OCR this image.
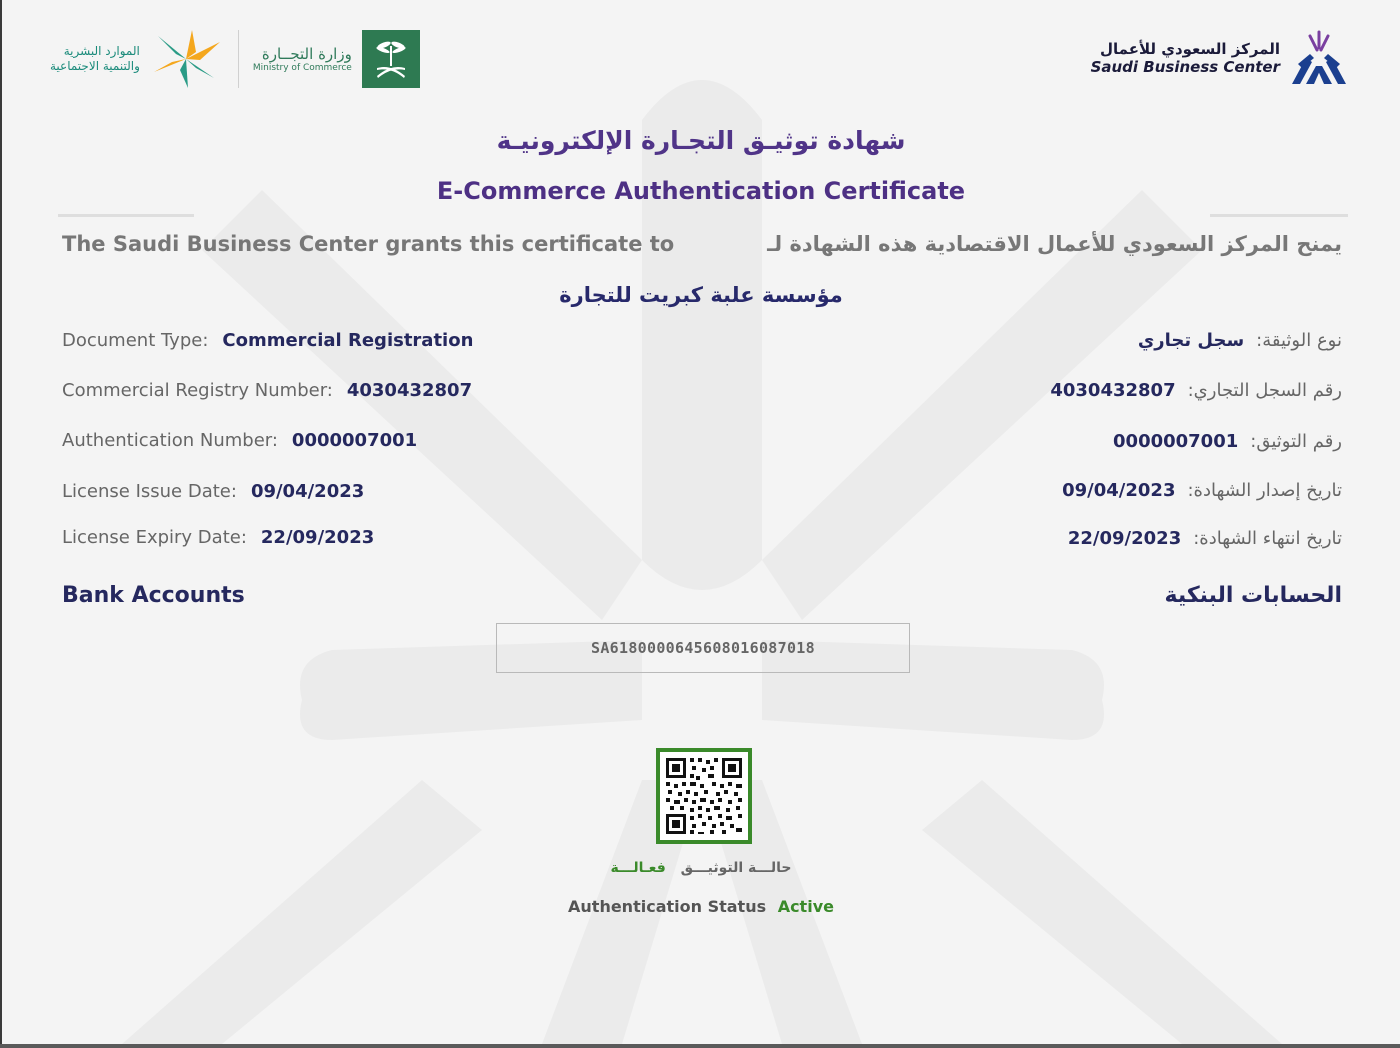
المركز السعودي للأعمال
Saudi Business Center
الموارد البشرية
والتنمية الاجتماعية
وزارة التجــارة
Ministry of Commerce
شهادة توثيـق التجـارة الإلكترونيـة
E-Commerce Authentication Certificate
The Saudi Business Center grants this certificate to	يمنح المركز السعودي للأعمال الاقتصادية هذه الشهادة لـ
مؤسسة علبة كبريت للتجارة
Document Type: Commercial Registration
Commercial Registry Number: 4030432807
Authentication Number: 0000007001
License Issue Date: 09/04/2023
License Expiry Date: 22/09/2023
نوع الوثيقة:
سجل تجاري
رقم السجل التجاري:
4030432807
رقم التوثيق:
0000007001
تاريخ إصدار الشهادة:
09/04/2023
تاريخ انتهاء الشهادة:
22/09/2023
Bank Accounts	الحسابات البنكية
SA6180000645608016087018
حالـــة التوثيـــق فعـالـــة
Authentication Status Active
